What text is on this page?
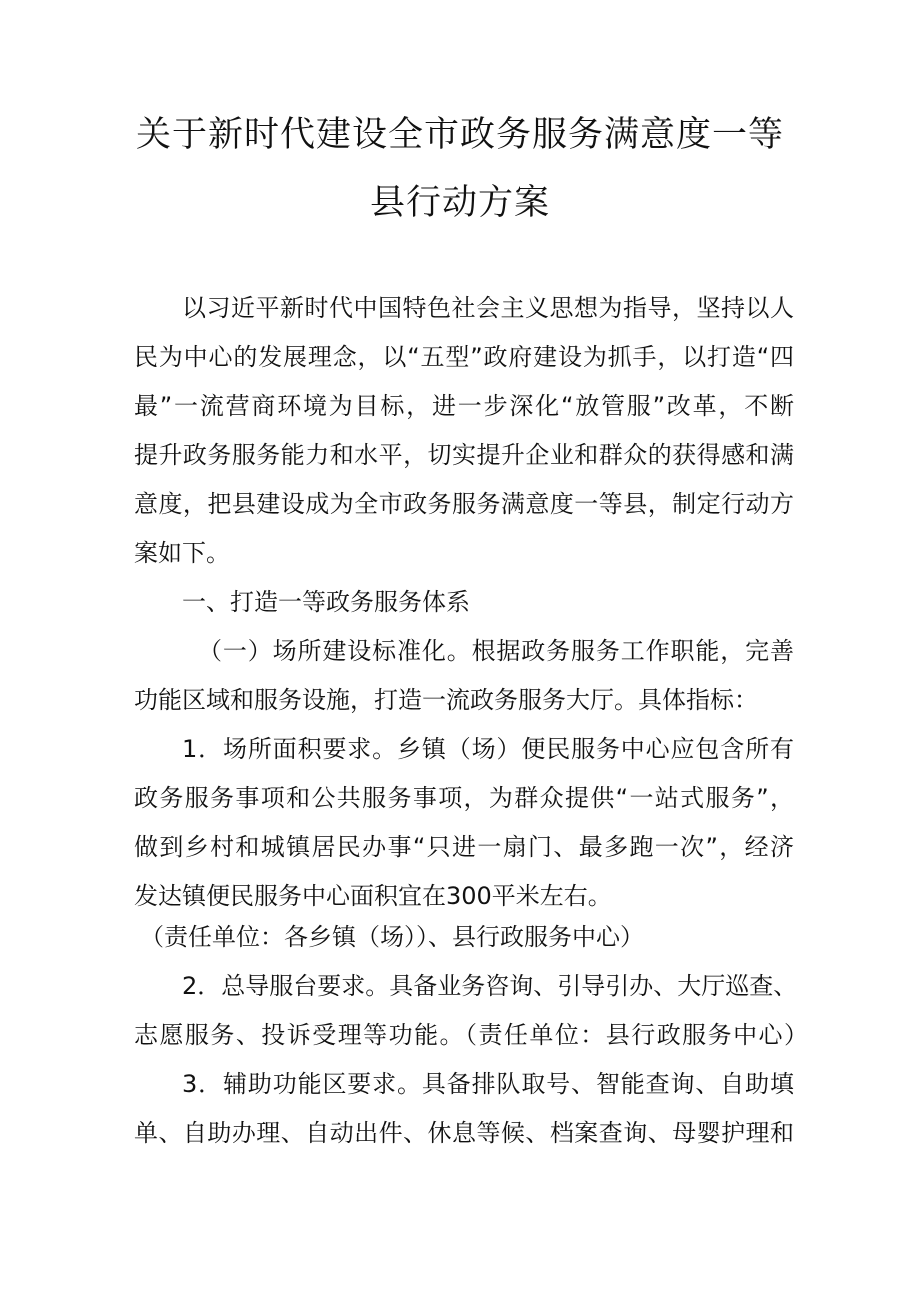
关于新时代建设全市政务服务满意度一等
县行动方案
以习近平新时代中国特色社会主义思想为指导，坚持以人
民为中心的发展理念，以“五型”政府建设为抓手，以打造“四
最”一流营商环境为目标，进一步深化“放管服”改革，不断
提升政务服务能力和水平，切实提升企业和群众的获得感和满
意度，把县建设成为全市政务服务满意度一等县，制定行动方
案如下。
一、打造一等政务服务体系
（一）场所建设标准化。根据政务服务工作职能，完善
功能区域和服务设施，打造一流政务服务大厅。具体指标：
1．场所面积要求。乡镇（场）便民服务中心应包含所有
政务服务事项和公共服务事项，为群众提供“一站式服务”，
做到乡村和城镇居民办事“只进一扇门、最多跑一次”，经济
发达镇便民服务中心面积宜在300平米左右。
（责任单位：各乡镇（场））、县行政服务中心）
2．总导服台要求。具备业务咨询、引导引办、大厅巡查、
志愿服务、投诉受理等功能。（责任单位：县行政服务中心）
3．辅助功能区要求。具备排队取号、智能查询、自助填
单、自助办理、自动出件、休息等候、档案查询、母婴护理和
